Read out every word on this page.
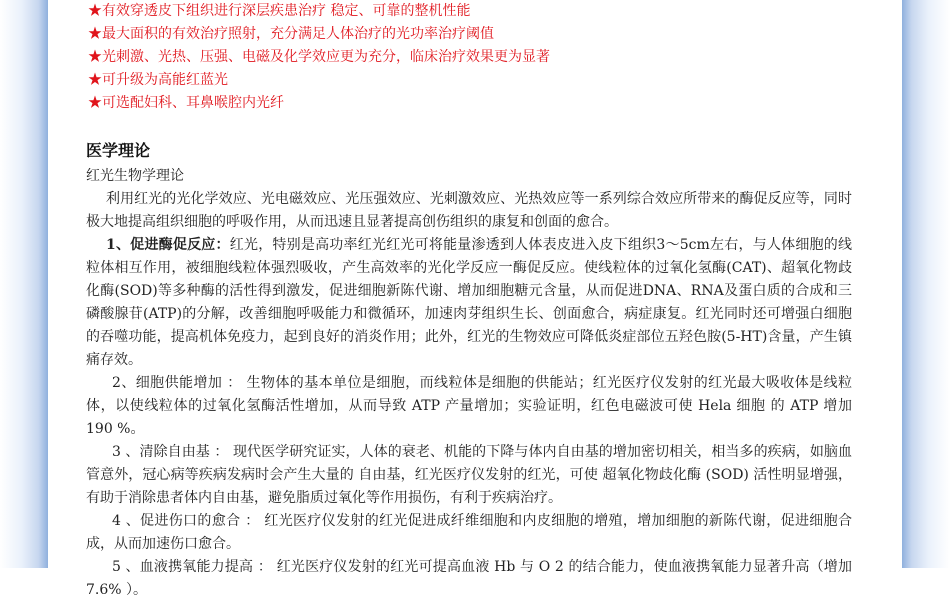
★有效穿透皮下组织进行深层疾患治疗 稳定、可靠的整机性能
★最大面积的有效治疗照射，充分满足人体治疗的光功率治疗阈值
★光刺激、光热、压强、电磁及化学效应更为充分，临床治疗效果更为显著
★可升级为高能红蓝光
★可选配妇科、耳鼻喉腔内光纤
医学理论
红光生物学理论
利用红光的光化学效应、光电磁效应、光压强效应、光刺激效应、光热效应等一系列综合效应所带来的酶促反应等，同时极大地提高组织细胞的呼吸作用，从而迅速且显著提高创伤组织的康复和创面的愈合。
1、促进酶促反应：红光，特别是高功率红光红光可将能量渗透到人体表皮进入皮下组织3～5cm左右，与人体细胞的线粒体相互作用，被细胞线粒体强烈吸收，产生高效率的光化学反应一酶促反应。使线粒体的过氧化氢酶(CAT)、超氧化物歧化酶(SOD)等多种酶的活性得到激发，促进细胞新陈代谢、增加细胞糖元含量，从而促进DNA、RNA及蛋白质的合成和三磷酸腺苷(ATP)的分解，改善细胞呼吸能力和微循环，加速肉芽组织生长、创面愈合，病症康复。红光同时还可增强白细胞的吞噬功能，提高机体免疫力，起到良好的消炎作用；此外，红光的生物效应可降低炎症部位五羟色胺(5-HT)含量，产生镇痛存效。
2、细胞供能增加 ： 生物体的基本单位是细胞，而线粒体是细胞的供能站；红光医疗仪发射的红光最大吸收体是线粒体，以使线粒体的过氧化氢酶活性增加，从而导致 ATP 产量增加；实验证明，红色电磁波可使 Hela 细胞 的 ATP 增加 190 %。
3 、清除自由基 ： 现代医学研究证实，人体的衰老、机能的下降与体内自由基的增加密切相关，相当多的疾病，如脑血管意外，冠心病等疾病发病时会产生大量的 自由基，红光医疗仪发射的红光，可使 超氧化物歧化酶 (SOD) 活性明显增强，有助于消除患者体内自由基，避免脂质过氧化等作用损伤，有利于疾病治疗。
4 、促进伤口的愈合 ： 红光医疗仪发射的红光促进成纤维细胞和内皮细胞的增殖，增加细胞的新陈代谢，促进细胞合成，从而加速伤口愈合。
5 、血液携氧能力提高 ： 红光医疗仪发射的红光可提高血液 Hb 与 O 2 的结合能力，使血液携氧能力显著升高（增加 7.6% ）。
